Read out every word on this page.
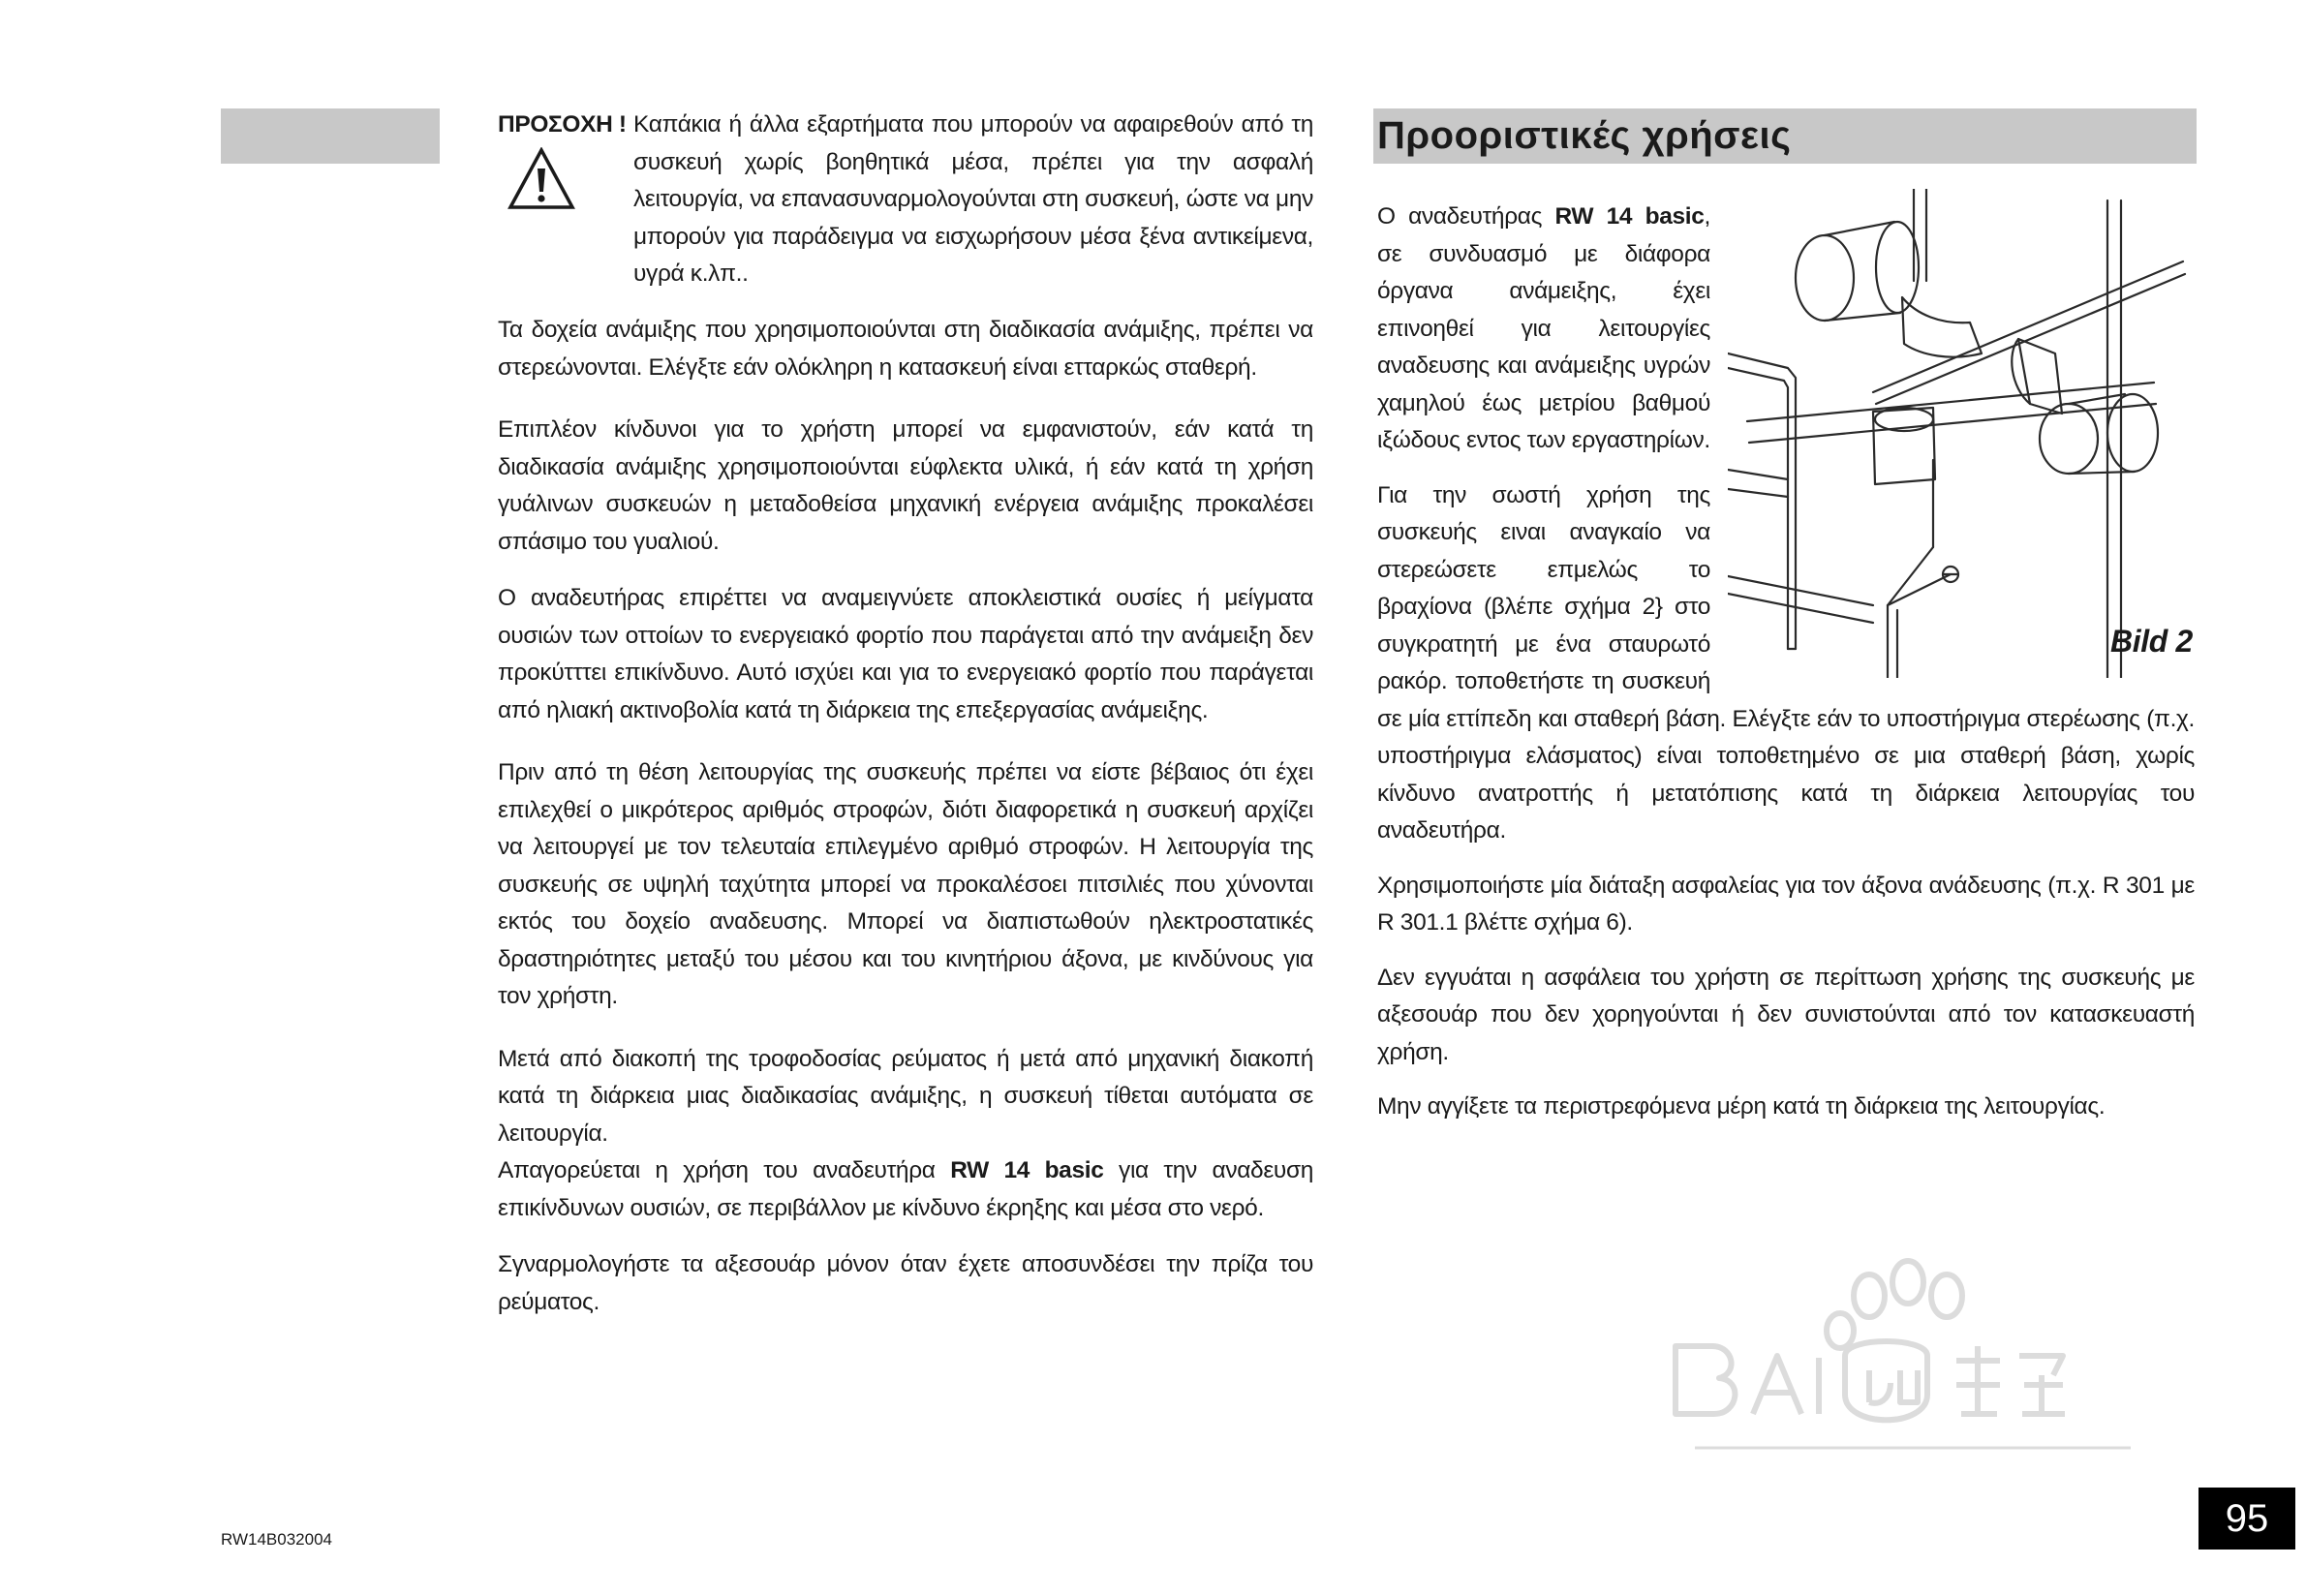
ΠΡΟΣΟΧΗ ! Καπάκια ή άλλα εξαρτήματα που μπορούν να αφαιρεθούν από τη συσκευή χωρίς βοηθητικά μέσα, πρέπει για την ασφαλή λειτουργία, να επανασυναρμολογούνται στη συσκευή, ώστε να μην μπορούν για παράδειγμα να εισχωρήσουν μέσα ξένα αντικείμενα, υγρά κ.λπ..

Τα δοχεία ανάμιξης που χρησιμοποιούνται στη διαδικασία ανάμιξης, πρέπει να στερεώνονται. Ελέγξτε εάν ολόκληρη η κατασκευή είναι ετταρκώς σταθερή.

Επιπλέον κίνδυνοι για το χρήστη μπορεί να εμφανιστούν, εάν κατά τη διαδικασία ανάμιξης χρησιμοποιούνται εύφλεκτα υλικά, ή εάν κατά τη χρήση γυάλινων συσκευών η μεταδοθείσα μηχανική ενέργεια ανάμιξης προκαλέσει σπάσιμο του γυαλιού.

Ο αναδευτήρας επιρέττει να αναμειγνύετε αποκλειστικά ουσίες ή μείγματα ουσιών των οττοίων το ενεργειακό φορτίο που παράγεται από την ανάμειξη δεν προκύτττει επικίνδυνο. Αυτό ισχύει και για το ενεργειακό φορτίο που παράγεται από ηλιακή ακτινοβολία κατά τη διάρκεια της επεξεργασίας ανάμειξης.

Πριν από τη θέση λειτουργίας της συσκευής πρέπει να είστε βέβαιος ότι έχει επιλεχθεί ο μικρότερος αριθμός στροφών, διότι διαφορετικά η συσκευή αρχίζει να λειτουργεί με τον τελευταία επιλεγμένο αριθμό στροφών. Η λειτουργία της συσκευής σε υψηλή ταχύτητα μπορεί να προκαλέσοει πιτσιλιές που χύνονται εκτός του δοχείο αναδευσης. Μπορεί να διαπιστωθούν ηλεκτροστατικές δραστηριότητες μεταξύ του μέσου και του κινητήριου άξονα, με κινδύνους για τον χρήστη.

Μετά από διακοπή της τροφοδοσίας ρεύματος ή μετά από μηχανική διακοπή κατά τη διάρκεια μιας διαδικασίας ανάμιξης, η συσκευή τίθεται αυτόματα σε λειτουργία.

Απαγορεύεται η χρήση του αναδευτήρα RW 14 basic για την αναδευση επικίνδυνων ουσιών, σε περιβάλλον με κίνδυνο έκρηξης και μέσα στο νερό.

Σγναρμολογήστε τα αξεσουάρ μόνον όταν έχετε αποσυνδέσει την πρίζα του ρεύματος.

Προοριστικές χρήσεις
Bild 2

Ο αναδευτήρας RW 14 basic, σε συνδυασμό με διάφορα όργανα ανάμειξης, έχει επινοηθεί για λειτουργίες αναδευσης και ανάμειξης υγρών χαμηλού έως μετρίου βαθμού ιξώδους εντος των εργαστηρίων.

Για την σωστή χρήση της συσκευής ειναι αναγκαίο να στερεώσετε επμελώς το βραχίονα (βλέπε σχήμα 2} στο συγκρατητή με ένα σταυρωτό ρακόρ. τοποθετήστε τη συσκευή σε μία εττίπεδη και σταθερή βάση. Ελέγξτε εάν το υποστήριγμα στερέωσης (π.χ. υποστήριγμα ελάσματος) είναι τοποθετημένο σε μια σταθερή βάση, χωρίς κίνδυνο ανατροττής ή μετατόπισης κατά τη διάρκεια λειτουργίας του αναδευτήρα.

Χρησιμοποιήστε μία διάταξη ασφαλείας για τον άξονα ανάδευσης (π.χ. R 301 με R 301.1 βλέττε σχήμα 6).

Δεν εγγυάται η ασφάλεια του χρήστη σε περίττωση χρήσης της συσκευής με αξεσουάρ που δεν χορηγούνται ή δεν συνιστούνται από τον κατασκευαστή χρήση.

Μην αγγίξετε τα περιστρεφόμενα μέρη κατά τη διάρκεια της λειτουργίας.

RW14B032004	95
